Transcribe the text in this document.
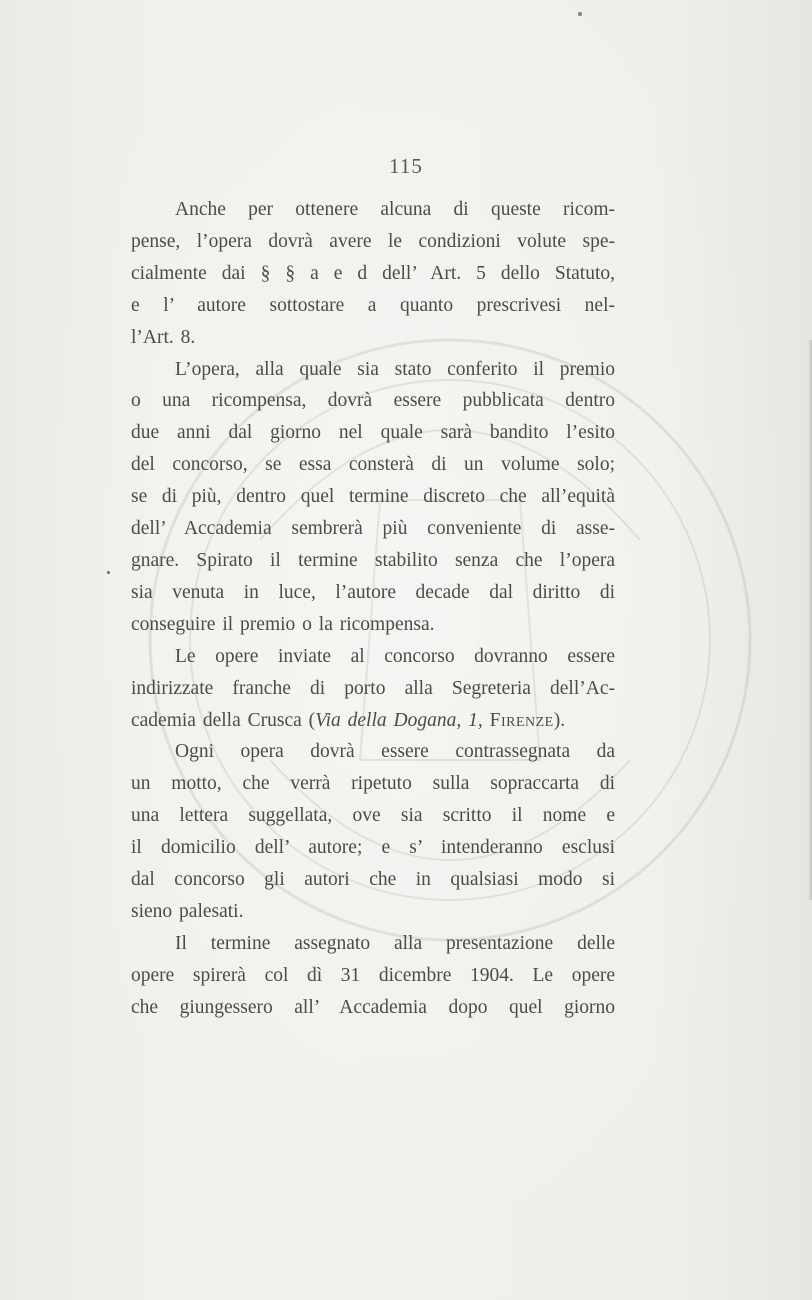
115

Anche per ottenere alcuna di queste ricom-
pense, l’opera dovrà avere le condizioni volute spe-
cialmente dai § § a e d dell’ Art. 5 dello Statuto,
e l’ autore sottostare a quanto prescrivesi nel-
l’Art. 8.

L’opera, alla quale sia stato conferito il premio
o una ricompensa, dovrà essere pubblicata dentro
due anni dal giorno nel quale sarà bandito l’esito
del concorso, se essa consterà di un volume solo;
se di più, dentro quel termine discreto che all’equità
dell’ Accademia sembrerà più conveniente di asse-
gnare. Spirato il termine stabilito senza che l’opera
sia venuta in luce, l’autore decade dal diritto di
conseguire il premio o la ricompensa.

Le opere inviate al concorso dovranno essere
indirizzate franche di porto alla Segreteria dell’Ac-
cademia della Crusca (Via della Dogana, 1, Firenze).

Ogni opera dovrà essere contrassegnata da
un motto, che verrà ripetuto sulla sopraccarta di
una lettera suggellata, ove sia scritto il nome e
il domicilio dell’ autore; e s’ intenderanno esclusi
dal concorso gli autori che in qualsiasi modo si
sieno palesati.

Il termine assegnato alla presentazione delle
opere spirerà col dì 31 dicembre 1904. Le opere
che giungessero all’ Accademia dopo quel giorno
